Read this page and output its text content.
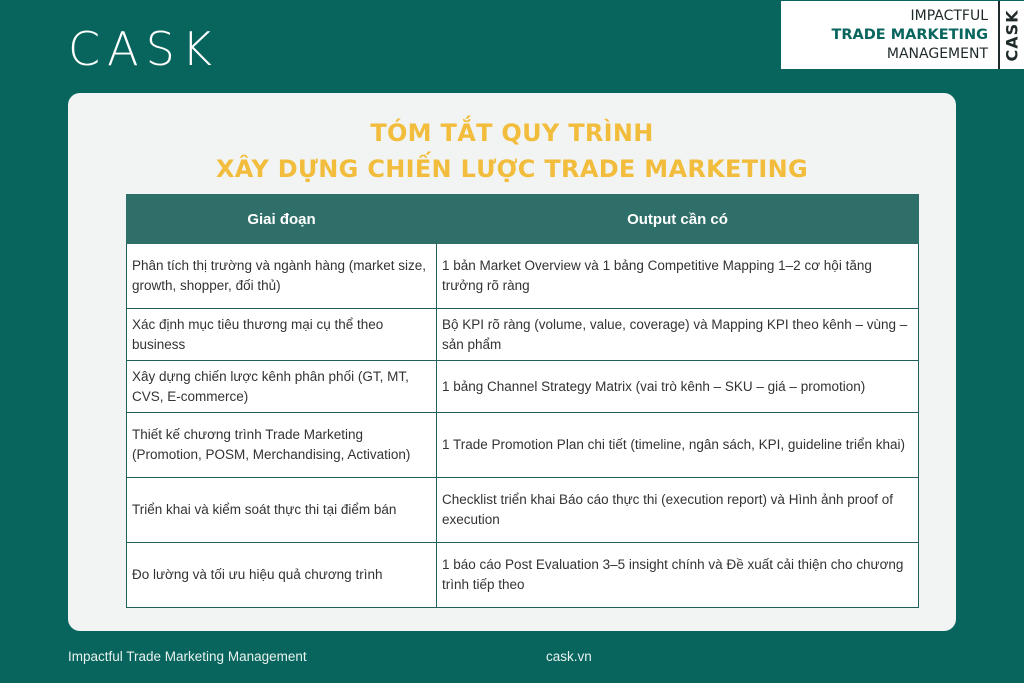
CASK
IMPACTFUL
TRADE MARKETING
MANAGEMENT CASK
TÓM TẮT QUY TRÌNH
XÂY DỰNG CHIẾN LƯỢC TRADE MARKETING
Giai đoạn	Output cần có
Phân tích thị trường và ngành hàng (market size, growth, shopper, đối thủ)	1 bản Market Overview và 1 bảng Competitive Mapping 1–2 cơ hội tăng trưởng rõ ràng
Xác định mục tiêu thương mại cụ thể theo business	Bộ KPI rõ ràng (volume, value, coverage) và Mapping KPI theo kênh – vùng – sản phẩm
Xây dựng chiến lược kênh phân phối (GT, MT, CVS, E-commerce)	1 bảng Channel Strategy Matrix (vai trò kênh – SKU – giá – promotion)
Thiết kế chương trình Trade Marketing (Promotion, POSM, Merchandising, Activation)	1 Trade Promotion Plan chi tiết (timeline, ngân sách, KPI, guideline triển khai)
Triển khai và kiểm soát thực thi tại điểm bán	Checklist triển khai Báo cáo thực thi (execution report) và Hình ảnh proof of execution
Đo lường và tối ưu hiệu quả chương trình	1 báo cáo Post Evaluation 3–5 insight chính và Đề xuất cải thiện cho chương trình tiếp theo
Impactful Trade Marketing Management	cask.vn
